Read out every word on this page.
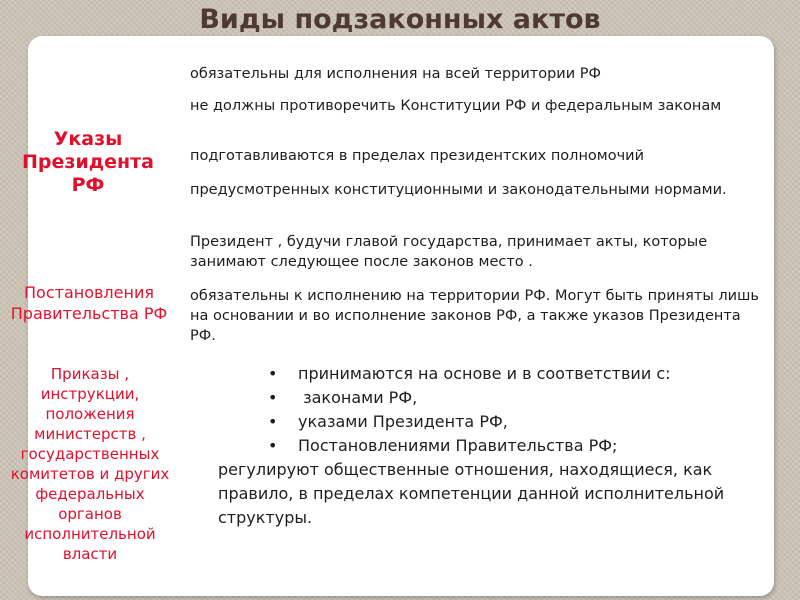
Виды подзаконных актов
Указы Президента РФ
обязательны для исполнения на всей территории РФ
не должны противоречить Конституции РФ и федеральным законам
подготавливаются в пределах президентских полномочий
предусмотренных конституционными и законодательными нормами.
Президент , будучи главой государства, принимает акты, которые занимают следующее после законов место .
Постановления Правительства РФ
обязательны к исполнению на территории РФ. Могут быть приняты лишь на основании и во исполнение законов РФ, а также указов Президента РФ.
Приказы , инструкции, положения министерств , государственных комитетов и других федеральных органов исполнительной власти
• принимаются на основе и в соответствии с:
•  законами РФ,
• указами Президента РФ,
• Постановлениями Правительства РФ;
регулируют общественные отношения, находящиеся, как правило, в пределах компетенции данной исполнительной структуры.
